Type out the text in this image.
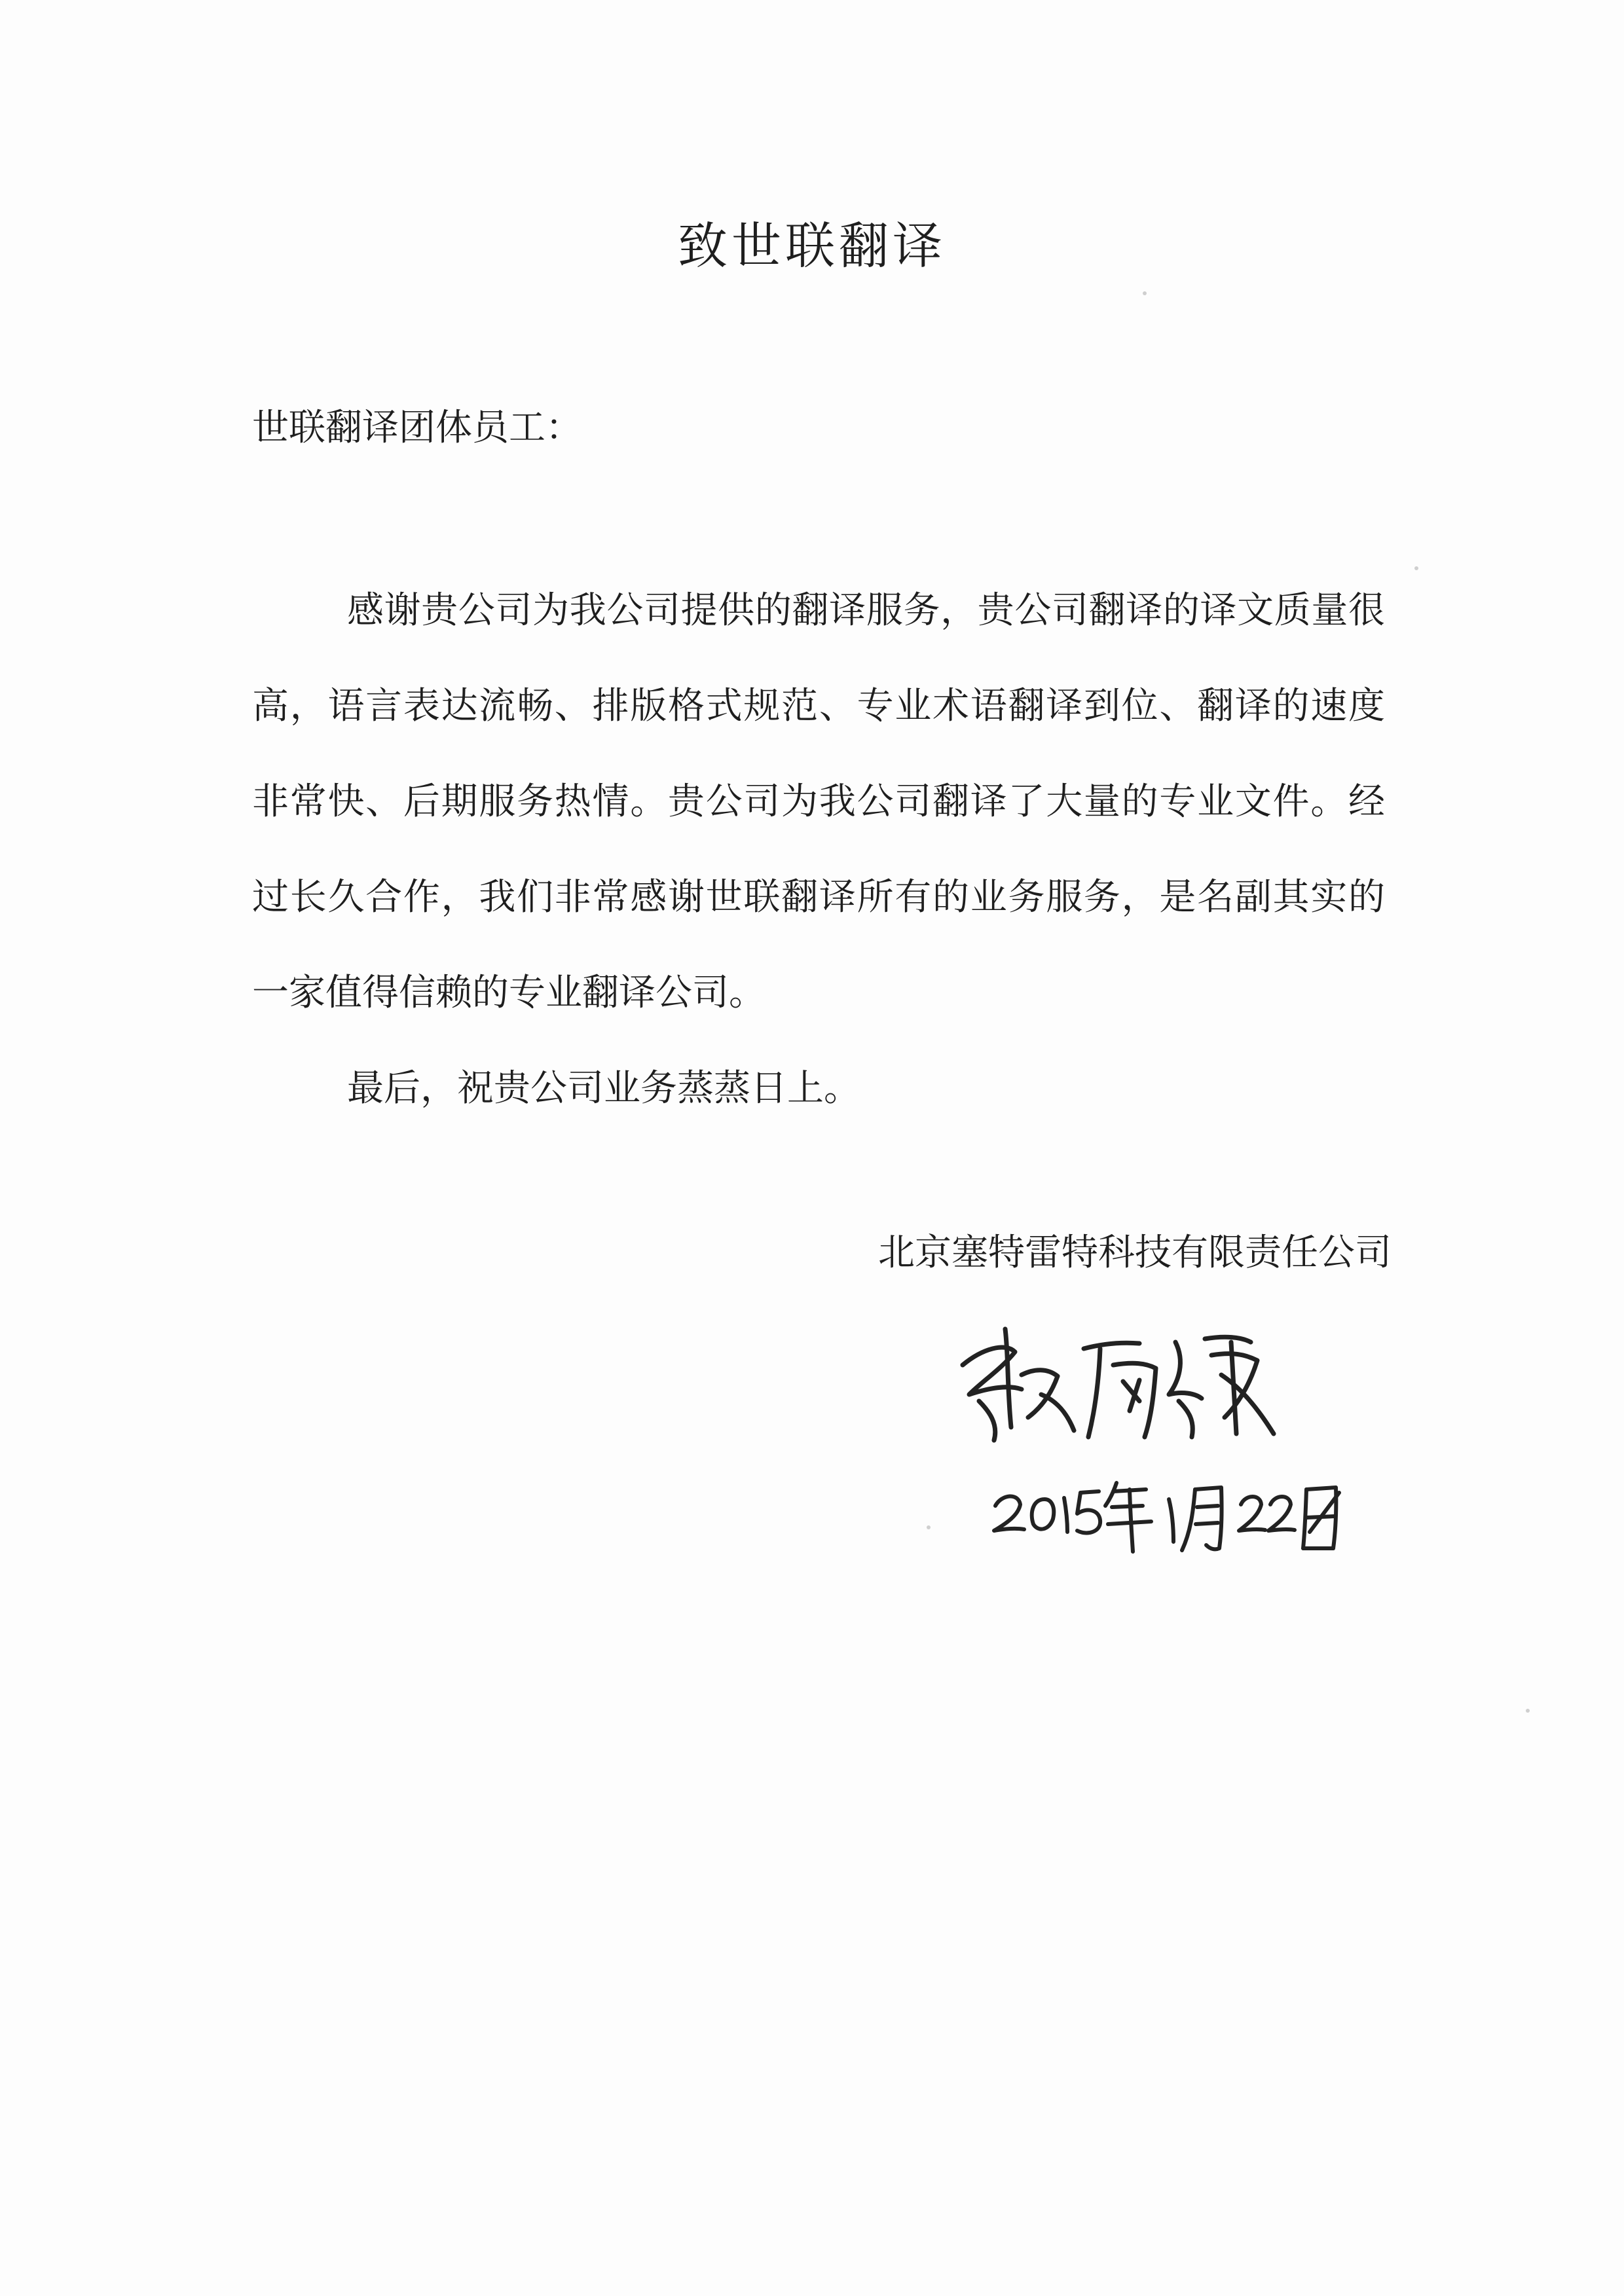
致世联翻译
世联翻译团体员工：

感谢贵公司为我公司提供的翻译服务，贵公司翻译的译文质量很高，语言表达流畅、排版格式规范、专业术语翻译到位、翻译的速度非常快、后期服务热情。贵公司为我公司翻译了大量的专业文件。经过长久合作，我们非常感谢世联翻译所有的业务服务，是名副其实的一家值得信赖的专业翻译公司。

最后，祝贵公司业务蒸蒸日上。

北京塞特雷特科技有限责任公司
